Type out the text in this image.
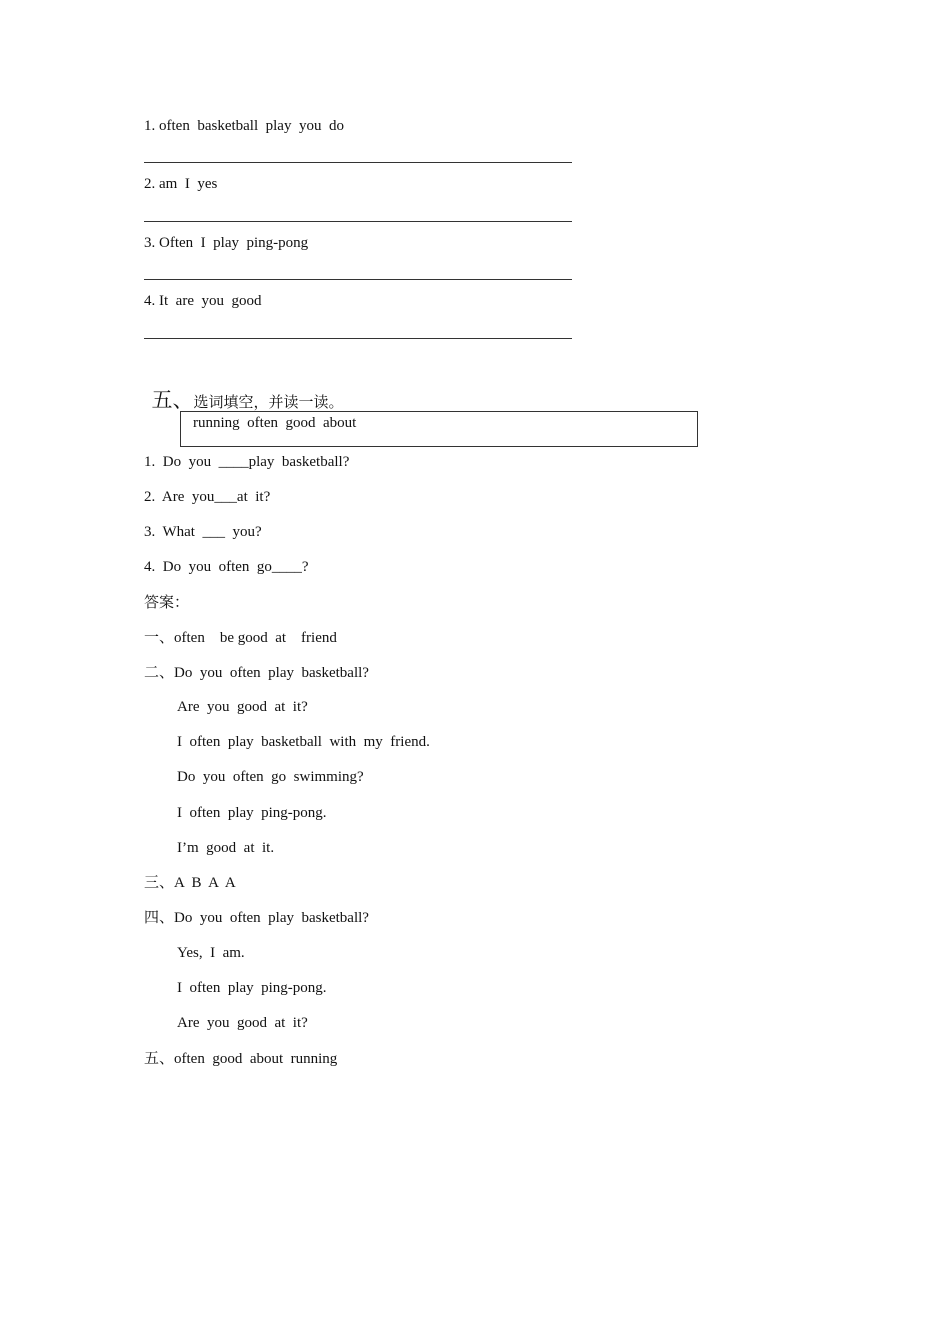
1. often  basketball  play  you  do
2. am  I  yes
3. Often  I  play  ping-pong
4. It  are  you  good

五、选词填空，并读一读。

running  often  good  about
1.  Do  you  ____play  basketball?
2.  Are  you___at  it?
3.  What  ___  you?
4.  Do  you  often  go____?
答案：
一、often    be good  at    friend
二、Do  you  often  play  basketball?
Are  you  good  at  it?
I  often  play  basketball  with  my  friend.
Do  you  often  go  swimming?
I  often  play  ping-pong.
I’m  good  at  it.
三、A  B  A  A
四、Do  you  often  play  basketball?
Yes,  I  am.
I  often  play  ping-pong.
Are  you  good  at  it?
五、often  good  about  running
